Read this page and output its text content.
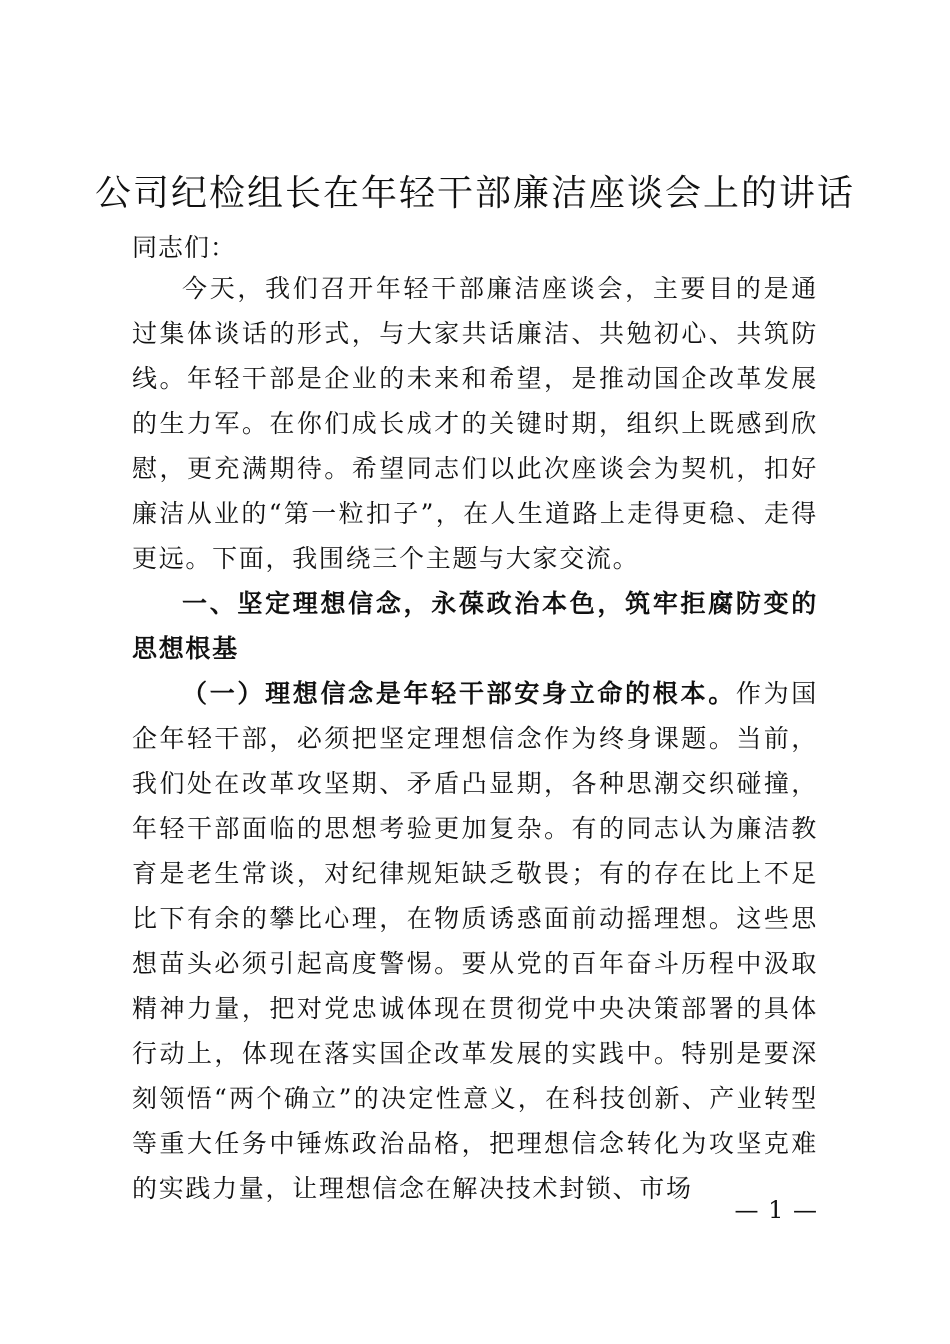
公司纪检组长在年轻干部廉洁座谈会上的讲话
同志们：

今天，我们召开年轻干部廉洁座谈会，主要目的是通过集体谈话的形式，与大家共话廉洁、共勉初心、共筑防线。年轻干部是企业的未来和希望，是推动国企改革发展的生力军。在你们成长成才的关键时期，组织上既感到欣慰，更充满期待。希望同志们以此次座谈会为契机，扣好廉洁从业的“第一粒扣子”，在人生道路上走得更稳、走得更远。下面，我围绕三个主题与大家交流。

一、坚定理想信念，永葆政治本色，筑牢拒腐防变的思想根基

（一）理想信念是年轻干部安身立命的根本。作为国企年轻干部，必须把坚定理想信念作为终身课题。当前，我们处在改革攻坚期、矛盾凸显期，各种思潮交织碰撞，年轻干部面临的思想考验更加复杂。有的同志认为廉洁教育是老生常谈，对纪律规矩缺乏敬畏；有的存在比上不足比下有余的攀比心理，在物质诱惑面前动摇理想。这些思想苗头必须引起高度警惕。要从党的百年奋斗历程中汲取精神力量，把对党忠诚体现在贯彻党中央决策部署的具体行动上，体现在落实国企改革发展的实践中。特别是要深刻领悟“两个确立”的决定性意义，在科技创新、产业转型等重大任务中锤炼政治品格，把理想信念转化为攻坚克难的实践力量，让理想信念在解决技术封锁、市场

— 1 —
